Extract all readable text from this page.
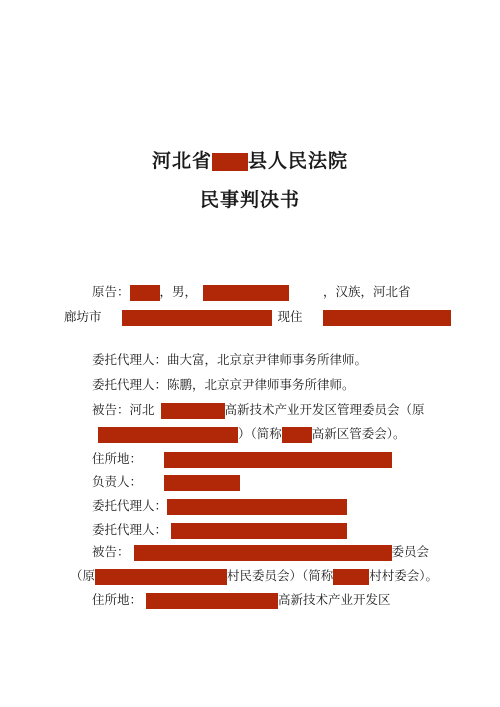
河北省 县人民法院
民事判决书
原告： ，男，	，汉族，河北省
廊坊市	现住
委托代理人：曲大富，北京京尹律师事务所律师。
委托代理人：陈鹏，北京京尹律师事务所律师。
被告：河北	高新技术产业开发区管理委员会（原
）（简称 高新区管委会）。
住所地：
负责人：
委托代理人：
委托代理人：
被告：	委员会
（原	村民委员会）（简称	村村委会）。
住所地：	高新技术产业开发区
